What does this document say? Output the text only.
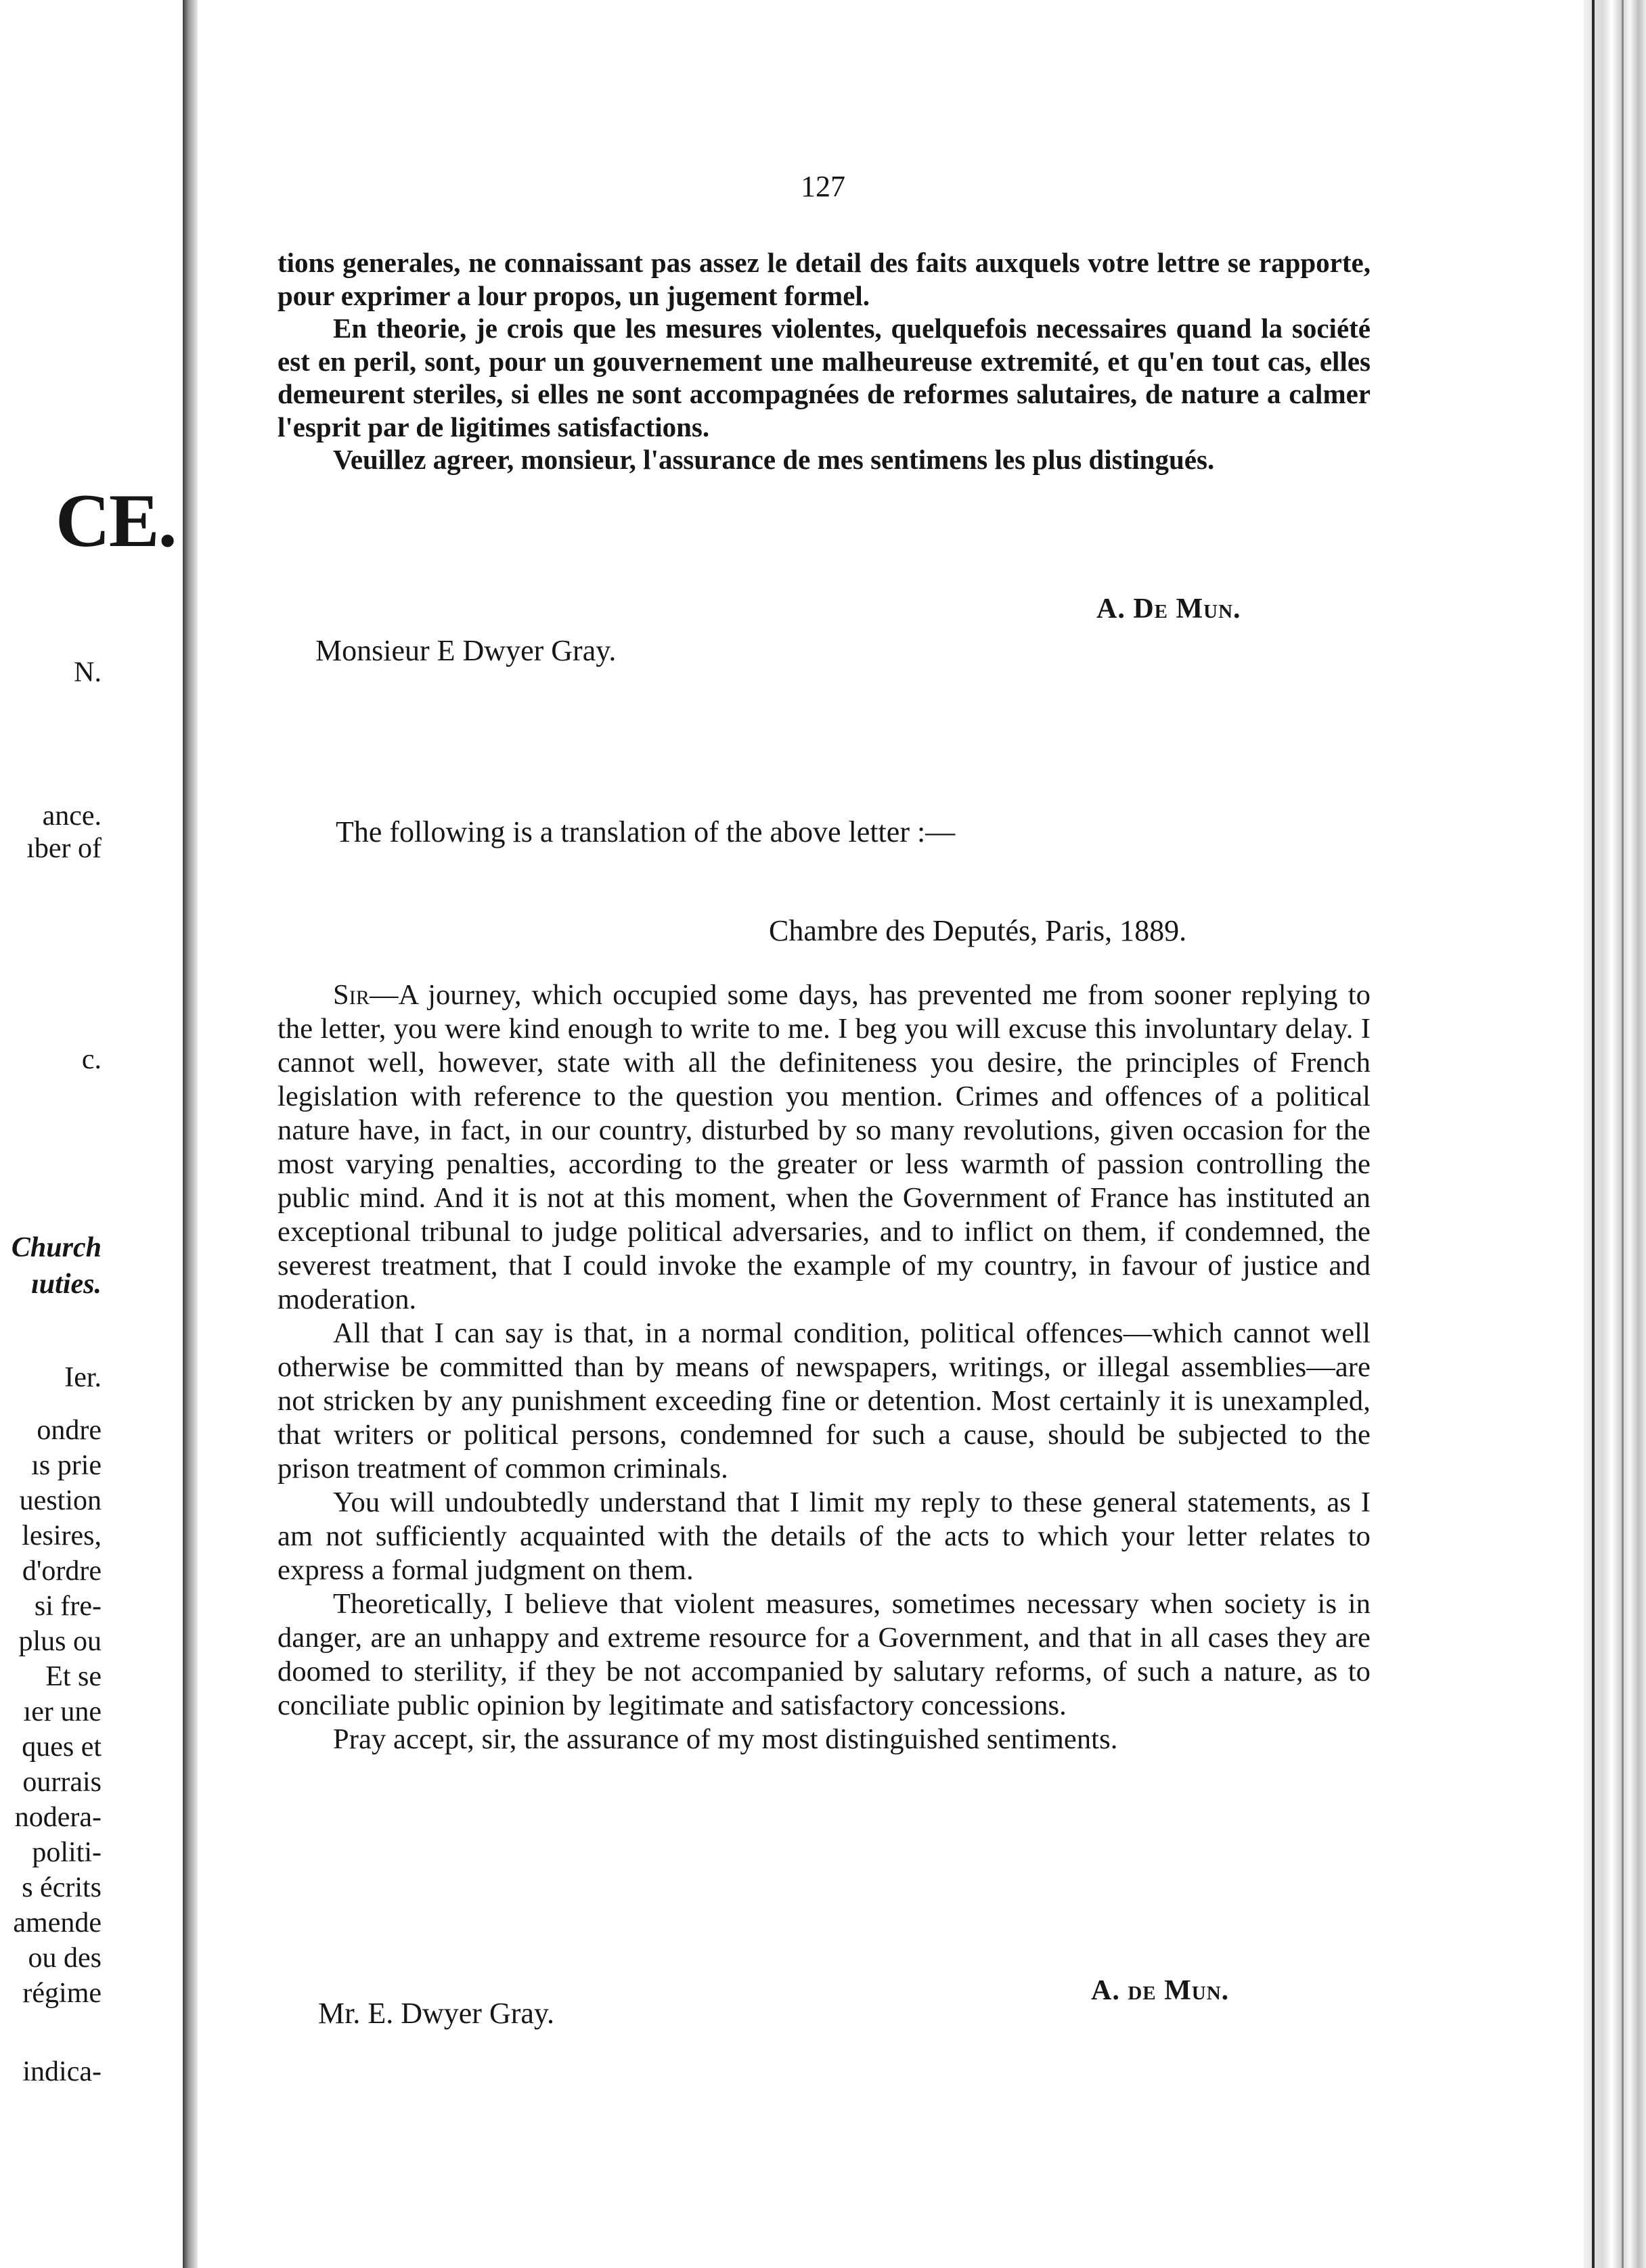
CE.
N.
ance.
ıber of
c.
Church
ıuties.
Ier.
ondre
ıs prie
uestion
lesires,
d'ordre
si fre-
plus ou
Et se
ıer une
ques et
ourrais
nodera-
politi-
s écrits
amende
ou des
régime
indica-
127

tions generales, ne connaissant pas assez le detail des faits auxquels votre lettre se rapporte, pour exprimer a lour propos, un jugement formel.

En theorie, je crois que les mesures violentes, quelquefois necessaires quand la société est en peril, sont, pour un gouvernement une malheureuse extremité, et qu'en tout cas, elles demeurent steriles, si elles ne sont accompagnées de reformes salutaires, de nature a calmer l'esprit par de ligitimes satisfactions.

Veuillez agreer, monsieur, l'assurance de mes sentimens les plus distingués.

A. De Mun.
Monsieur E Dwyer Gray.
The following is a translation of the above letter :—
Chambre des Deputés, Paris, 1889.

Sir—A journey, which occupied some days, has prevented me from sooner replying to the letter, you were kind enough to write to me. I beg you will excuse this involuntary delay. I cannot well, however, state with all the definiteness you desire, the principles of French legislation with reference to the question you mention. Crimes and offences of a political nature have, in fact, in our country, disturbed by so many revolutions, given occasion for the most varying penalties, according to the greater or less warmth of passion controlling the public mind. And it is not at this moment, when the Government of France has instituted an exceptional tribunal to judge political adversaries, and to inflict on them, if condemned, the severest treatment, that I could invoke the example of my country, in favour of justice and moderation.

All that I can say is that, in a normal condition, political offences—which cannot well otherwise be committed than by means of newspapers, writings, or illegal assemblies—are not stricken by any punishment exceeding fine or detention. Most certainly it is unexampled, that writers or political persons, condemned for such a cause, should be subjected to the prison treatment of common criminals.

You will undoubtedly understand that I limit my reply to these general statements, as I am not sufficiently acquainted with the details of the acts to which your letter relates to express a formal judgment on them.

Theoretically, I believe that violent measures, sometimes necessary when society is in danger, are an unhappy and extreme resource for a Government, and that in all cases they are doomed to sterility, if they be not accompanied by salutary reforms, of such a nature, as to conciliate public opinion by legitimate and satisfactory concessions.

Pray accept, sir, the assurance of my most distinguished sentiments.

A. de Mun.
Mr. E. Dwyer Gray.
